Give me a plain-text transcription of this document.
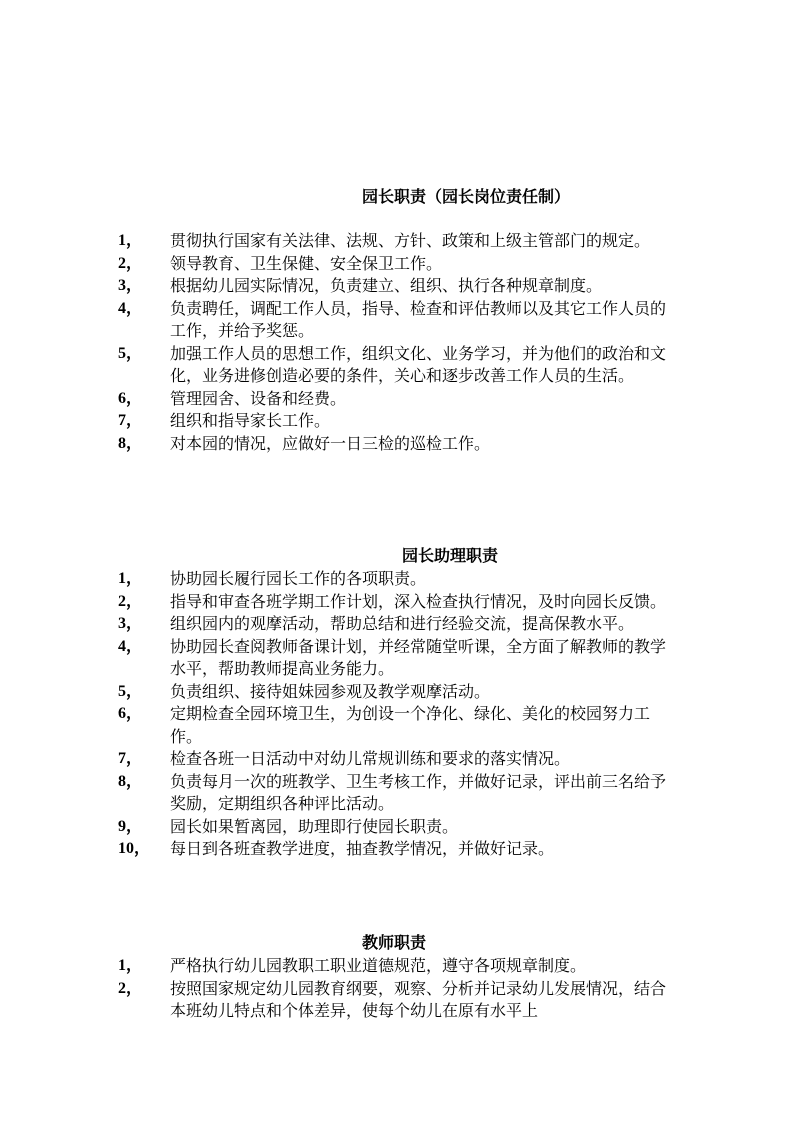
园长职责（园长岗位责任制）
1，	贯彻执行国家有关法律、法规、方针、政策和上级主管部门的规定。
2，	领导教育、卫生保健、安全保卫工作。
3，	根据幼儿园实际情况，负责建立、组织、执行各种规章制度。
4，	负责聘任，调配工作人员，指导、检查和评估教师以及其它工作人员的工作，并给予奖惩。
5，	加强工作人员的思想工作，组织文化、业务学习，并为他们的政治和文化，业务进修创造必要的条件，关心和逐步改善工作人员的生活。
6，	管理园舍、设备和经费。
7，	组织和指导家长工作。
8，	对本园的情况，应做好一日三检的巡检工作。
园长助理职责
1，	协助园长履行园长工作的各项职责。
2，	指导和审查各班学期工作计划，深入检查执行情况，及时向园长反馈。
3，	组织园内的观摩活动，帮助总结和进行经验交流，提高保教水平。
4，	协助园长查阅教师备课计划，并经常随堂听课，全方面了解教师的教学水平，帮助教师提高业务能力。
5，	负责组织、接待姐妹园参观及教学观摩活动。
6，	定期检查全园环境卫生，为创设一个净化、绿化、美化的校园努力工作。
7，	检查各班一日活动中对幼儿常规训练和要求的落实情况。
8，	负责每月一次的班教学、卫生考核工作，并做好记录，评出前三名给予奖励，定期组织各种评比活动。
9，	园长如果暂离园，助理即行使园长职责。
10，	每日到各班查教学进度，抽查教学情况，并做好记录。
教师职责
1，	严格执行幼儿园教职工职业道德规范，遵守各项规章制度。
2，	按照国家规定幼儿园教育纲要，观察、分析并记录幼儿发展情况，结合本班幼儿特点和个体差异，使每个幼儿在原有水平上
